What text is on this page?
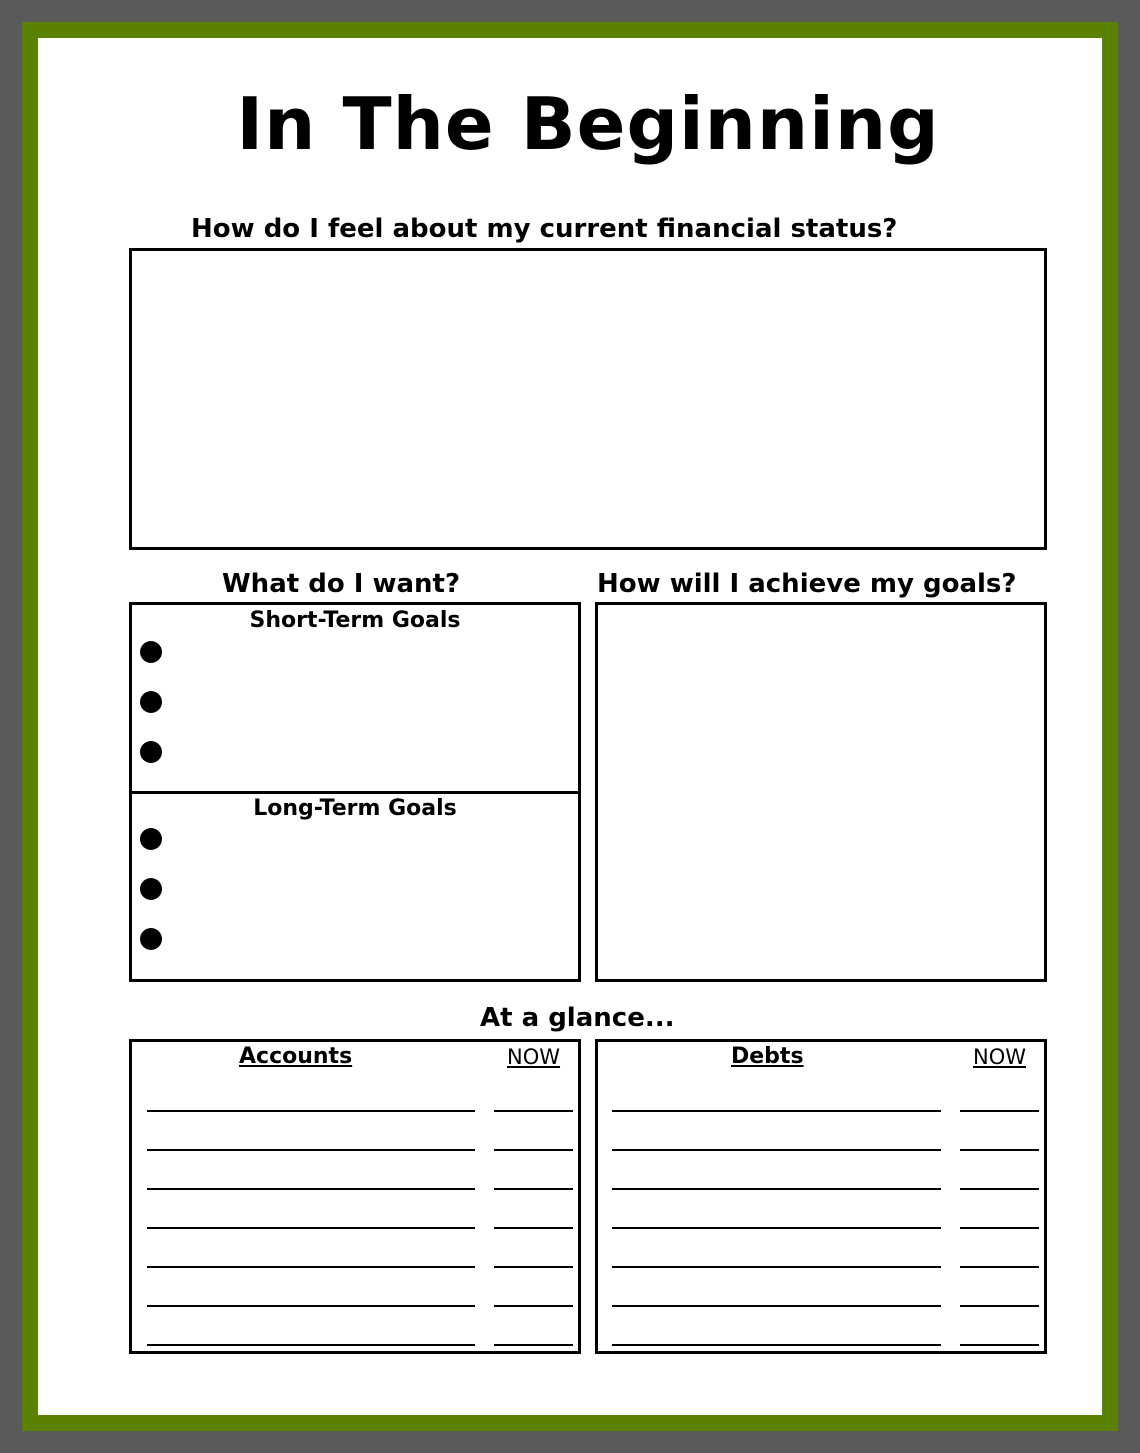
In The Beginning
How do I feel about my current financial status?
What do I want?
Short-Term Goals
Long-Term Goals
How will I achieve my goals?
At a glance...
Accounts	NOW	Debts	NOW
